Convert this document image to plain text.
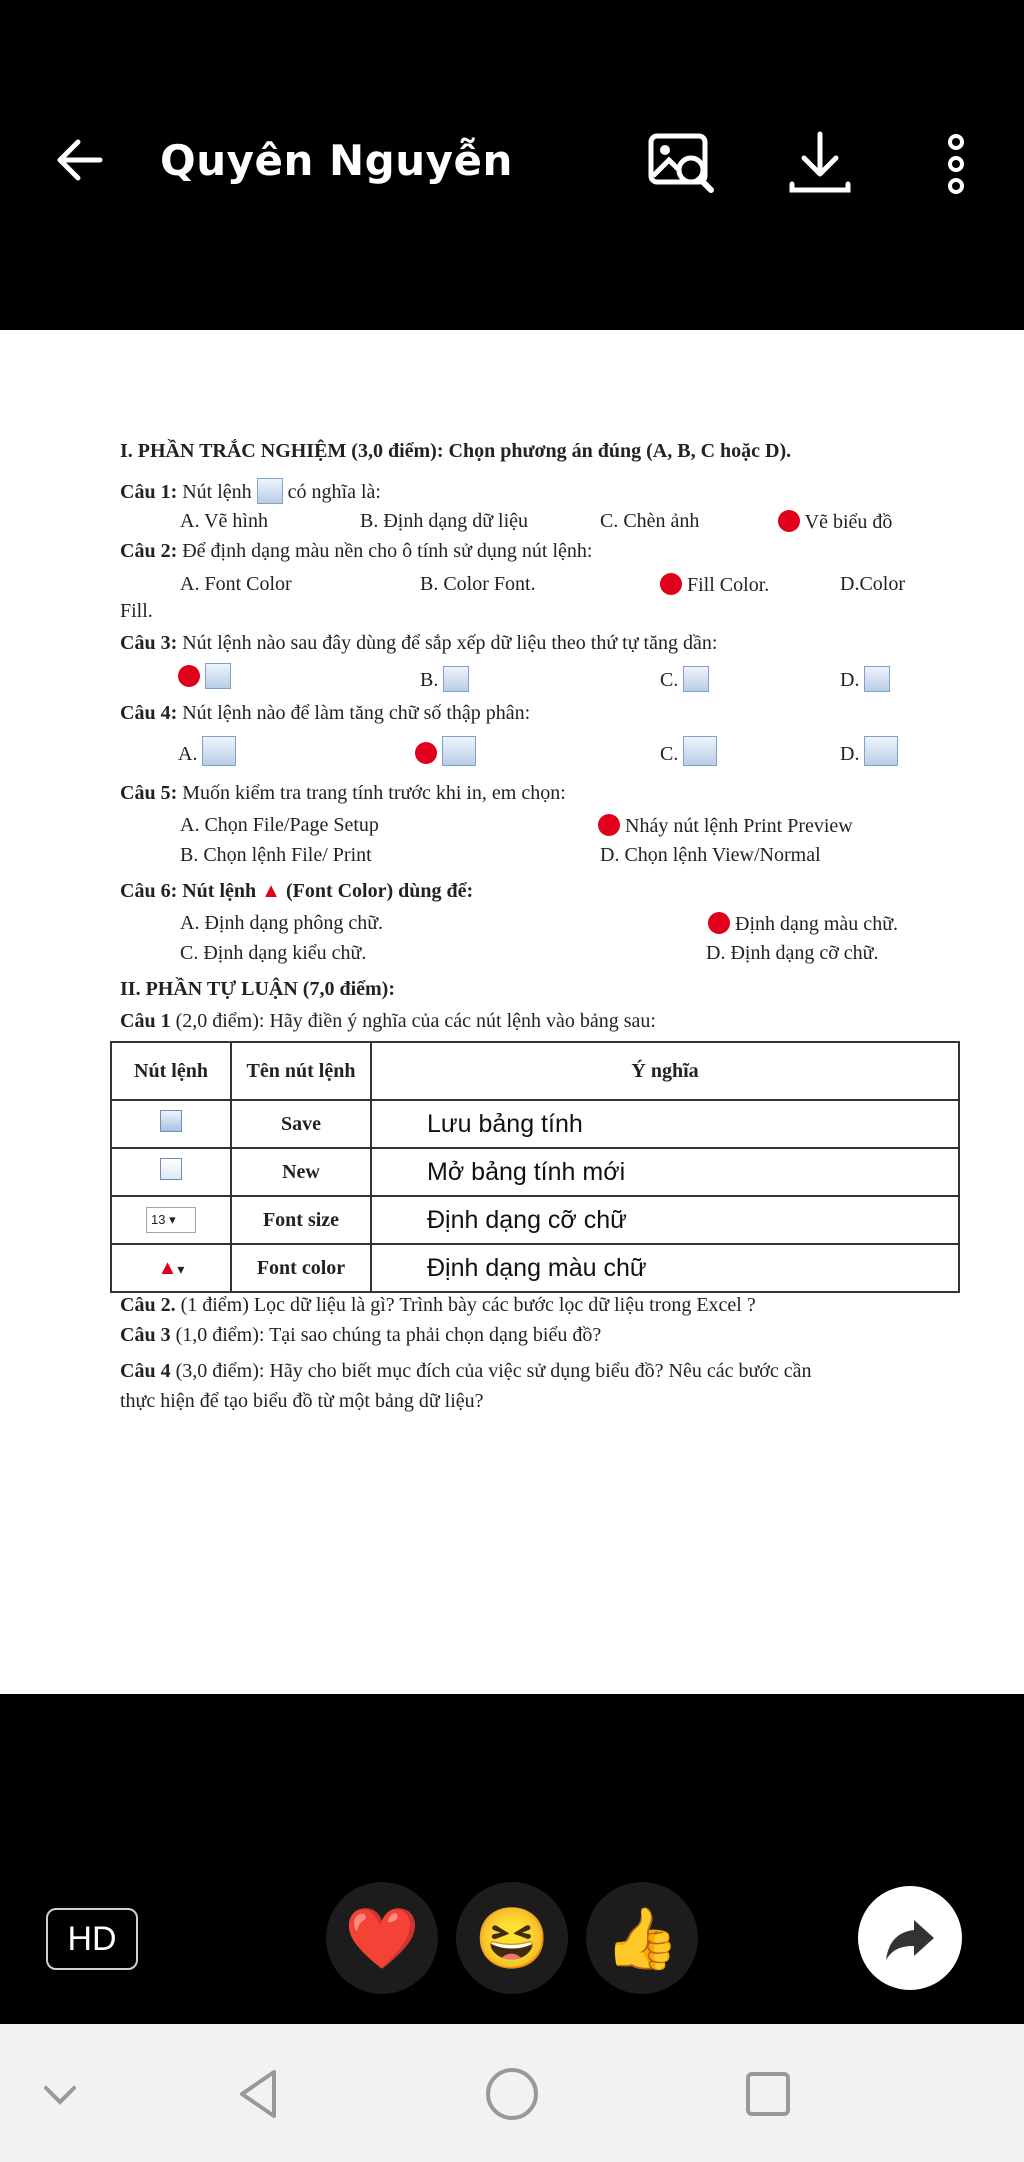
Quyên Nguyễn
I. PHẦN TRẮC NGHIỆM (3,0 điểm): Chọn phương án đúng (A, B, C hoặc D).
Câu 1: Nút lệnh có nghĩa là:
A. Vẽ hình	B. Định dạng dữ liệu	C. Chèn ảnh	Vẽ biểu đồ
Câu 2: Để định dạng màu nền cho ô tính sử dụng nút lệnh:
A. Font Color	B. Color Font.	Fill Color.	D.Color
Fill.
Câu 3: Nút lệnh nào sau đây dùng để sắp xếp dữ liệu theo thứ tự tăng dần:

B.	C.	D.
Câu 4: Nút lệnh nào để làm tăng chữ số thập phân:
A.
	C.	D.
Câu 5: Muốn kiểm tra trang tính trước khi in, em chọn:
A. Chọn File/Page Setup	Nháy nút lệnh Print Preview
B. Chọn lệnh File/ Print	D. Chọn lệnh View/Normal
Câu 6: Nút lệnh ▲ (Font Color) dùng để:
A. Định dạng phông chữ.	Định dạng màu chữ.
C. Định dạng kiểu chữ.	D. Định dạng cỡ chữ.
II. PHẦN TỰ LUẬN (7,0 điểm):
Câu 1 (2,0 điểm): Hãy điền ý nghĩa của các nút lệnh vào bảng sau:
Nút lệnh	Tên nút lệnh	Ý nghĩa
	Save	Lưu bảng tính
	New	Mở bảng tính mới
13 ▾	Font size	Định dạng cỡ chữ
▲▾	Font color	Định dạng màu chữ
Câu 2. (1 điểm) Lọc dữ liệu là gì? Trình bày các bước lọc dữ liệu trong Excel ?
Câu 3 (1,0 điểm): Tại sao chúng ta phải chọn dạng biểu đồ?
Câu 4 (3,0 điểm): Hãy cho biết mục đích của việc sử dụng biểu đồ? Nêu các bước cần
thực hiện để tạo biểu đồ từ một bảng dữ liệu?
HD	❤️ 😆 👍
